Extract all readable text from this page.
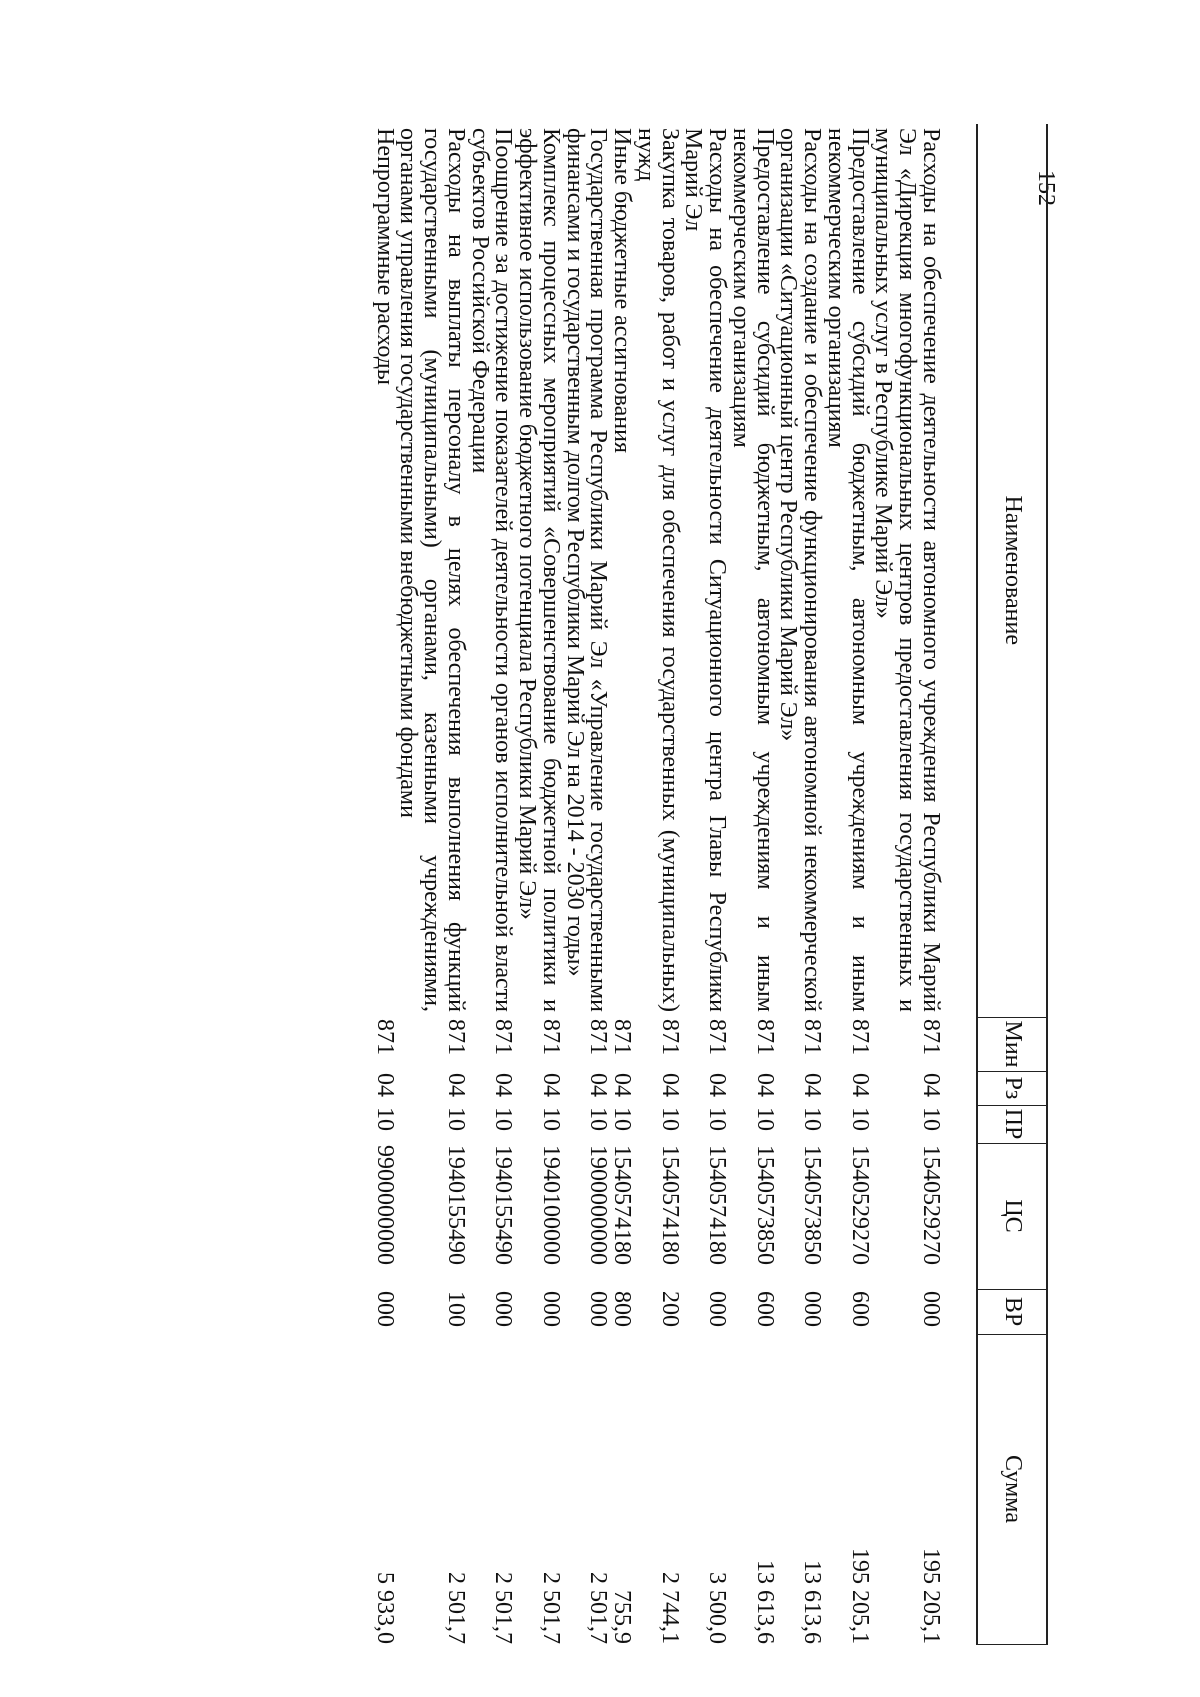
152
Наименование	Мин	Рз	ПР	ЦС	ВР	Сумма
Расходы на обеспечение деятельности автономного учреждения Республики Марий Эл «Дирекция многофункциональных центров предоставления государственных и муниципальных услуг в Республике Марий Эл»	871	04	10	1540529270	000	195 205,1
Предоставление субсидий бюджетным, автономным учреждениям и иным некоммерческим организациям	871	04	10	1540529270	600	195 205,1
Расходы на создание и обеспечение функционирования автономной некоммерческой организации «Ситуационный центр Республики Марий Эл»	871	04	10	1540573850	000	13 613,6
Предоставление субсидий бюджетным, автономным учреждениям и иным некоммерческим организациям	871	04	10	1540573850	600	13 613,6
Расходы на обеспечение деятельности Ситуационного центра Главы Республики Марий Эл	871	04	10	1540574180	000	3 500,0
Закупка товаров, работ и услуг для обеспечения государственных (муниципальных) нужд	871	04	10	1540574180	200	2 744,1
Иные бюджетные ассигнования	871	04	10	1540574180	800	755,9
Государственная программа Республики Марий Эл «Управление государственными финансами и государственным долгом Республики Марий Эл на 2014 - 2030 годы»	871	04	10	1900000000	000	2 501,7
Комплекс процессных мероприятий «Совершенствование бюджетной политики и эффективное использование бюджетного потенциала Республики Марий Эл»	871	04	10	1940100000	000	2 501,7
Поощрение за достижение показателей деятельности органов исполнительной власти субъектов Российской Федерации	871	04	10	1940155490	000	2 501,7
Расходы на выплаты персоналу в целях обеспечения выполнения функций государственными (муниципальными) органами, казенными учреждениями, органами управления государственными внебюджетными фондами	871	04	10	1940155490	100	2 501,7
Непрограммные расходы	871	04	10	9900000000	000	5 933,0
